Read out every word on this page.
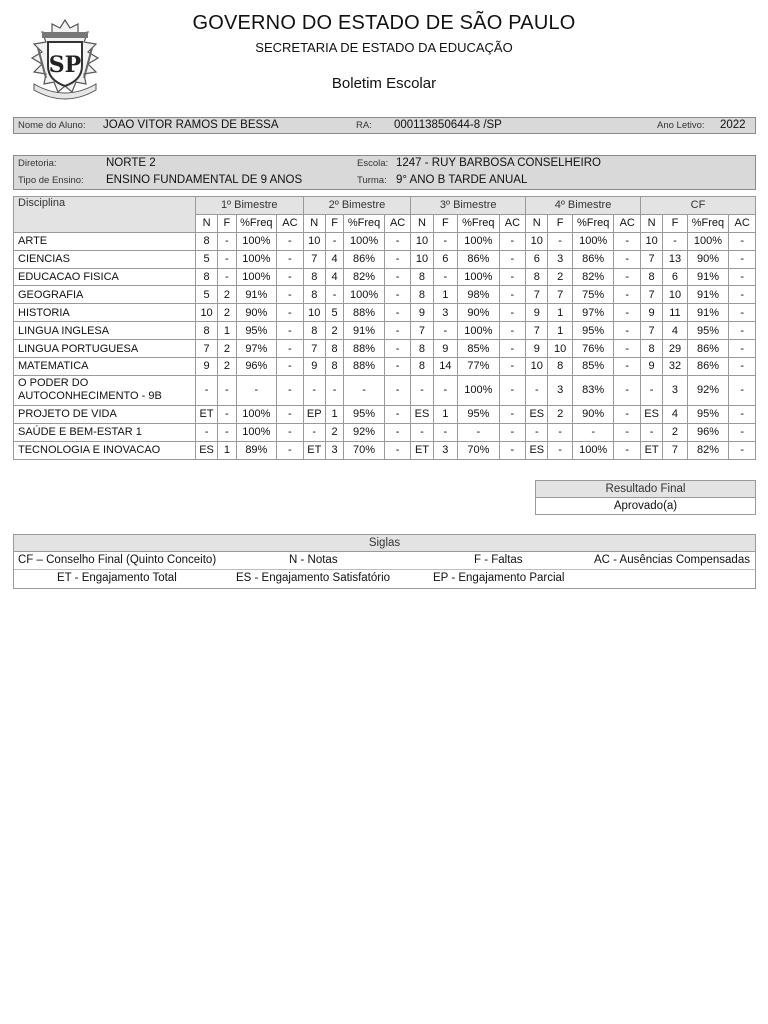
SP
GOVERNO DO ESTADO DE SÃO PAULO
SECRETARIA DE ESTADO DA EDUCAÇÃO
Boletim Escolar
Nome do Aluno: JOAO VITOR RAMOS DE BESSA	RA: 000113850644-8 /SP	Ano Letivo: 2022
Diretoria:	NORTE 2	Escola: 1247 - RUY BARBOSA CONSELHEIRO
Tipo de Ensino: ENSINO FUNDAMENTAL DE 9 ANOS	Turma: 9° ANO B TARDE ANUAL
Disciplina	1º Bimestre				2º Bimestre				3º Bimestre				4º Bimestre				CF			
	N	F	%Freq	AC	N	F	%Freq	AC	N	F	%Freq	AC	N	F	%Freq	AC	N	F	%Freq	AC
ARTE	8	-	100%	-	10	-	100%	-	10	-	100%	-	10	-	100%	-	10	-	100%	-
CIENCIAS	5	-	100%	-	7	4	86%	-	10	6	86%	-	6	3	86%	-	7	13	90%	-
EDUCACAO FISICA	8	-	100%	-	8	4	82%	-	8	-	100%	-	8	2	82%	-	8	6	91%	-
GEOGRAFIA	5	2	91%	-	8	-	100%	-	8	1	98%	-	7	7	75%	-	7	10	91%	-
HISTORIA	10	2	90%	-	10	5	88%	-	9	3	90%	-	9	1	97%	-	9	11	91%	-
LINGUA INGLESA	8	1	95%	-	8	2	91%	-	7	-	100%	-	7	1	95%	-	7	4	95%	-
LINGUA PORTUGUESA	7	2	97%	-	7	8	88%	-	8	9	85%	-	9	10	76%	-	8	29	86%	-
MATEMATICA	9	2	96%	-	9	8	88%	-	8	14	77%	-	10	8	85%	-	9	32	86%	-
O PODER DO AUTOCONHECIMENTO - 9B	-	-	-	-	-	-	-	-	-	-	100%	-	-	3	83%	-	-	3	92%	-
PROJETO DE VIDA	ET	-	100%	-	EP	1	95%	-	ES	1	95%	-	ES	2	90%	-	ES	4	95%	-
SAÚDE E BEM-ESTAR 1	-	-	100%	-	-	2	92%	-	-	-	-	-	-	-	-	-	-	2	96%	-
TECNOLOGIA E INOVACAO	ES	1	89%	-	ET	3	70%	-	ET	3	70%	-	ES	-	100%	-	ET	7	82%	-
Resultado Final
Aprovado(a)
Siglas
CF – Conselho Final (Quinto Conceito)	N - Notas	F - Faltas	AC - Ausências Compensadas
ET - Engajamento Total	ES - Engajamento Satisfatório	EP - Engajamento Parcial
